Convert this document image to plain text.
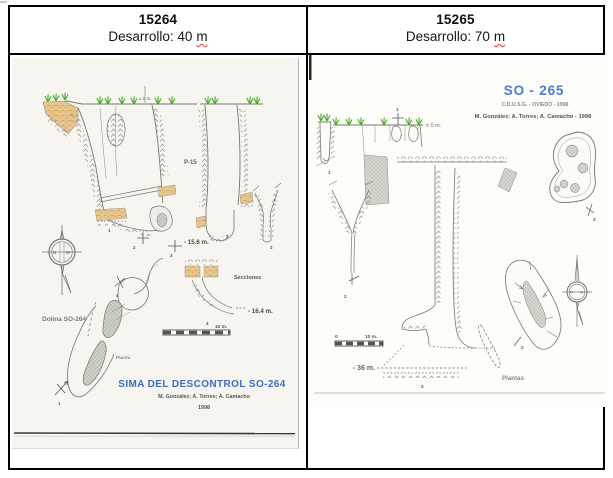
15264
Desarrollo: 40 m
15265
Desarrollo: 70 m
± 0 m.
1
2
3
- 15.6 m.
P-15
2
3
N M
Secciones
- 16.4 m.
4
10 m.
4
Dolina SO-264
Planta
1
SIMA DEL DESCONTROL SO-264
M. González; A. Torres; A. Camacho
1998
SO - 265
C.D.U.S.G. - OVIEDO - 1998
M. González; A. Torres; A. Camacho - 1998
± 0 m.
1
1
- 36 m.
3
2
3
N M
2
Plantas
0	10 m.
